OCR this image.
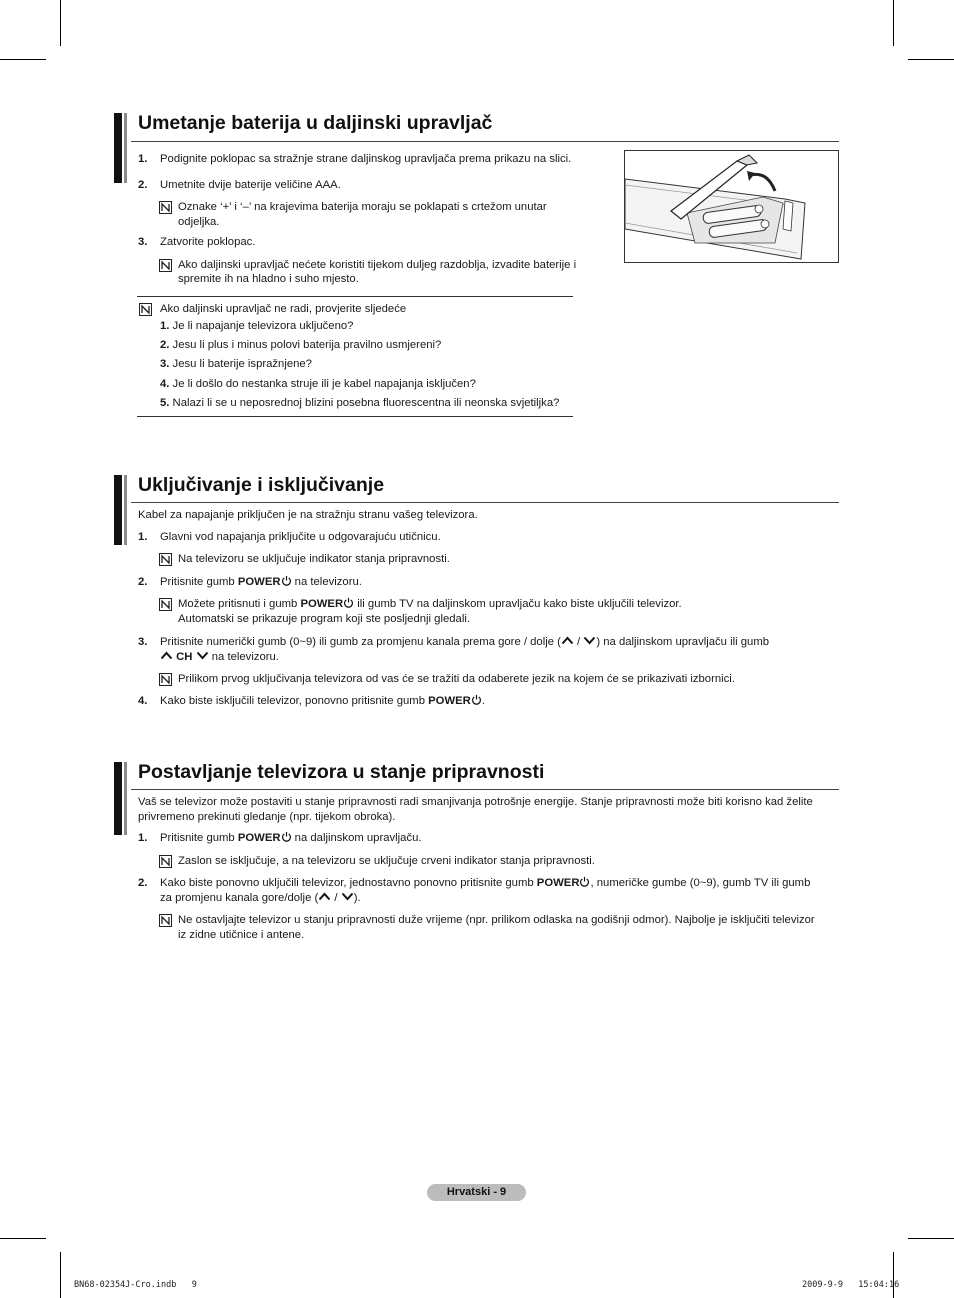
Umetanje baterija u daljinski upravljač
1. Podignite poklopac sa stražnje strane daljinskog upravljača prema prikazu na slici.
2. Umetnite dvije baterije veličine AAA.
Oznake ‘+’ i ‘–’ na krajevima baterija moraju se poklapati s crtežom unutar
odjeljka.
3. Zatvorite poklopac.
Ako daljinski upravljač nećete koristiti tijekom duljeg razdoblja, izvadite baterije i
spremite ih na hladno i suho mjesto.
Ako daljinski upravljač ne radi, provjerite sljedeće
1. Je li napajanje televizora uključeno?
2. Jesu li plus i minus polovi baterija pravilno usmjereni?
3. Jesu li baterije ispražnjene?
4. Je li došlo do nestanka struje ili je kabel napajanja isključen?
5. Nalazi li se u neposrednoj blizini posebna fluorescentna ili neonska svjetiljka?
Uključivanje i isključivanje
Kabel za napajanje priključen je na stražnju stranu vašeg televizora.
1. Glavni vod napajanja priključite u odgovarajuću utičnicu.
Na televizoru se uključuje indikator stanja pripravnosti.
2. Pritisnite gumb POWER na televizoru.
Možete pritisnuti i gumb POWER ili gumb TV na daljinskom upravljaču kako biste uključili televizor.
Automatski se prikazuje program koji ste posljednji gledali.
3. Pritisnite numerički gumb (0~9) ili gumb za promjenu kanala prema gore / dolje ( / ) na daljinskom upravljaču ili gumb
CH  na televizoru.
Prilikom prvog uključivanja televizora od vas će se tražiti da odaberete jezik na kojem će se prikazivati izbornici.
4. Kako biste isključili televizor, ponovno pritisnite gumb POWER .
Postavljanje televizora u stanje pripravnosti
Vaš se televizor može postaviti u stanje pripravnosti radi smanjivanja potrošnje energije. Stanje pripravnosti može biti korisno kad želite
privremeno prekinuti gledanje (npr. tijekom obroka).
1. Pritisnite gumb POWER na daljinskom upravljaču.
Zaslon se isključuje, a na televizoru se uključuje crveni indikator stanja pripravnosti.
2. Kako biste ponovno uključili televizor, jednostavno ponovno pritisnite gumb POWER , numeričke gumbe (0~9), gumb TV ili gumb
za promjenu kanala gore/dolje ( / ).
Ne ostavljajte televizor u stanju pripravnosti duže vrijeme (npr. prilikom odlaska na godišnji odmor). Najbolje je isključiti televizor
iz zidne utičnice i antene.
Hrvatski - 9
BN68-02354J-Cro.indb   9	2009-9-9   15:04:16
